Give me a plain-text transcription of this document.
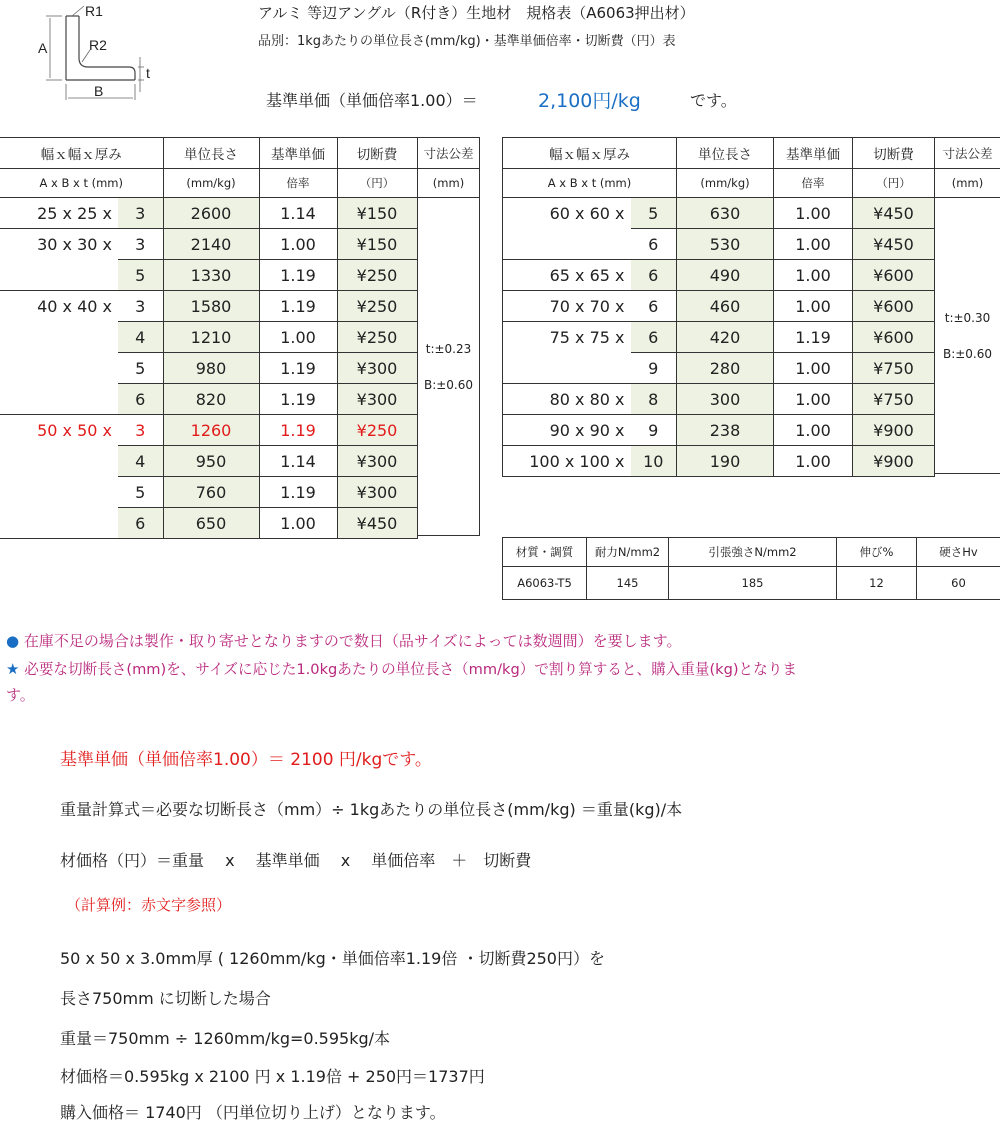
R1
R2
A
B
t
アルミ 等辺アングル（R付き）生地材　規格表（A6063押出材）
品別：1kgあたりの単位長さ(mm/kg)・基準単価倍率・切断費（円）表
基準単価（単価倍率1.00）＝	2,100円/kg	です。
幅ｘ幅ｘ厚み		単位長さ	基準単価	切断費
A x B x t (mm)		(mm/kg)	倍率	（円）
25 x 25 x	3	2600	1.14	¥150
30 x 30 x	3	2140	1.00	¥150
	5	1330	1.19	¥250
40 x 40 x	3	1580	1.19	¥250
	4	1210	1.00	¥250
	5	980	1.19	¥300
	6	820	1.19	¥300
50 x 50 x	3	1260	1.19	¥250
	4	950	1.14	¥300
	5	760	1.19	¥300
	6	650	1.00	¥450
寸法公差
(mm)

t:±0.23
B:±0.60
幅ｘ幅ｘ厚み		単位長さ	基準単価	切断費
A x B x t (mm)		(mm/kg)	倍率	（円）
60 x 60 x	5	630	1.00	¥450
	6	530	1.00	¥450
65 x 65 x	6	490	1.00	¥600
70 x 70 x	6	460	1.00	¥600
75 x 75 x	6	420	1.19	¥600
	9	280	1.00	¥750
80 x 80 x	8	300	1.00	¥750
90 x 90 x	9	238	1.00	¥900
100 x 100 x	10	190	1.00	¥900
寸法公差
(mm)

t:±0.30
B:±0.60
材質・調質	耐力N/mm2	引張強さN/mm2	伸び%	硬さHv
A6063-T5	145	185	12	60
● 在庫不足の場合は製作・取り寄せとなりますので数日（品サイズによっては数週間）を要します。
★ 必要な切断長さ(mm)を、サイズに応じた1.0kgあたりの単位長さ（mm/kg）で割り算すると、購入重量(kg)となりま
す。
基準単価（単価倍率1.00）＝ 2100 円/kgです。
重量計算式＝必要な切断長さ（mm）÷ 1kgあたりの単位長さ(mm/kg) ＝重量(kg)/本
材価格（円）＝重量　 x　 基準単価 　x　 単価倍率　＋　切断費
（計算例：赤文字参照）
50 x 50 x 3.0mm厚 ( 1260mm/kg・単価倍率1.19倍 ・切断費250円）を
長さ750mm に切断した場合
重量＝750mm ÷ 1260mm/kg=0.595kg/本
材価格＝0.595kg x 2100 円 x 1.19倍 + 250円＝1737円
購入価格＝ 1740円 （円単位切り上げ）となります。
